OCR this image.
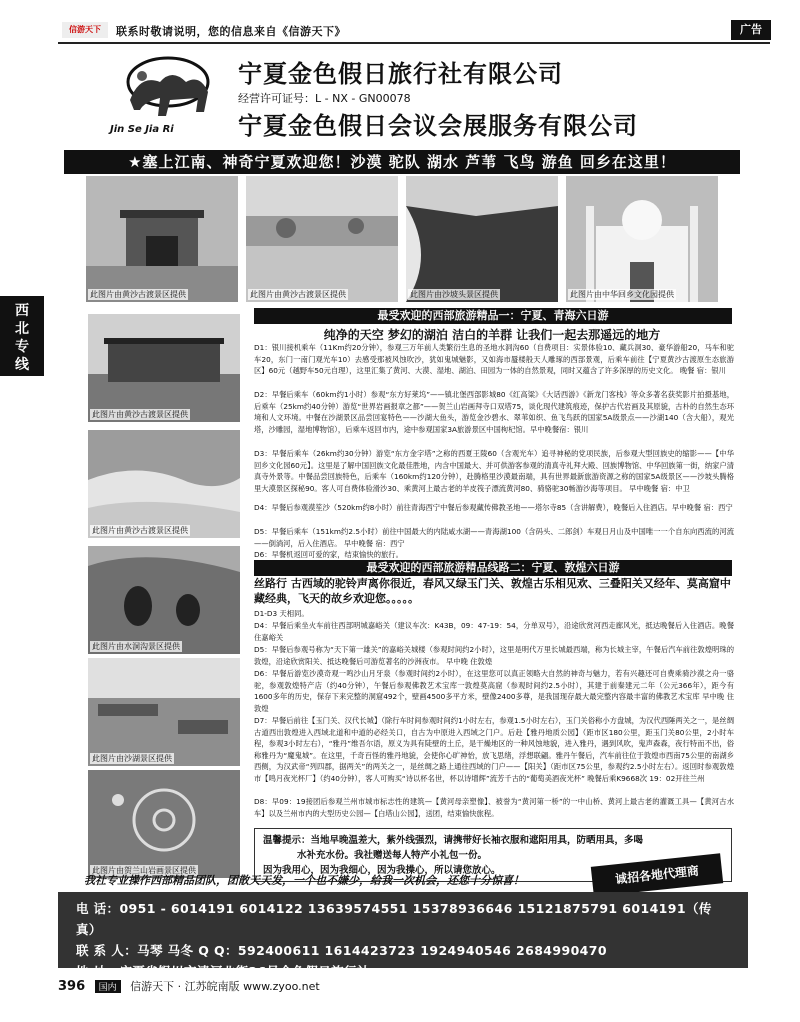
信游天下	联系时敬请说明，您的信息来自《信游天下》	广告
西
北
专
线
Jin Se Jia Ri
宁夏金色假日旅行社有限公司
经营许可证号：L - NX - GN00078
宁夏金色假日会议会展服务有限公司
★塞上江南、神奇宁夏欢迎您！沙漠 驼队 湖水 芦苇 飞鸟 游鱼 回乡在这里！
此图片由黄沙古渡景区提供	此图片由黄沙古渡景区提供	此图片由沙坡头景区提供	此图片由中华回乡文化园提供
此图片由黄沙古渡景区提供
此图片由黄沙古渡景区提供
此图片由水洞沟景区提供
此图片由沙湖景区提供
此图片由贺兰山岩画景区提供
最受欢迎的西部旅游精品一：宁夏、青海六日游
纯净的天空 梦幻的湖泊 洁白的羊群 让我们一起去那遥远的地方
D1：银川接机乘车（11Km约20分钟），参观三万年前人类繁衍生息的圣地水洞沟60（自费项目：实景体验10、藏兵洞30、豪华游船20，马车和驼车20，东门一南门观光车10）去感受那被风蚀吹沙，犹如鬼城魅影，又如海市蜃楼般天人雕琢的西部景观，后乘车前往【宁夏黄沙古渡原生态旅游区】60元（越野车50元自理），这里汇集了黄河、大漠、湿地、湖泊、田园为一体的自然景观，同时又蕴含了许多深厚的历史文化。 晚餐 宿：银川
D2：早餐后乘车（60km约1小时）参观“东方好莱坞”——镇北堡西部影城80《红高粱》《大话西游》《新龙门客栈》等众多著名获奖影片拍摄基地，后乘车（25km约40分钟）游览“世界岩画报章之都”——贺兰山岩画拜寺口双塔75，谈化现代建筑痕迹，保护古代岩画及其原貌，古朴的自然生态环境和人文环境。中餐在沙湖景区品尝回宴特色——沙湖大鱼头，游览金沙碧水、翠苇如织、鱼飞鸟跃的国家5A级景点——沙湖140（含大船），观光塔，沙雕园，湿地博物馆），后乘车返回市内，途中参观国家3A旅游景区中国枸杞馆。早中晚餐宿：银川
D3：早餐后乘车（26km约30分钟）游览“东方金字塔”之称的西夏王陵60（含观光车）追寻神秘的党项民族，后参观大型回族史的缩影——【中华回乡文化园60元】。这里是了解中国回族文化最佳胜地，内含中国最大、并可供游客参观的清真寺礼拜大殿、回族博物馆、中华回族第一街，纳家户清真寺外景等。中餐品尝回族特色，后乘车（160km约120分钟），赴腾格里沙漠最南端，具有世界最新旅游资源之称的国家5A级景区——沙坡头腾格里大漠景区探秘90。客人可自费体验滑沙30、乘黄河上最古老的羊皮筏子漂流黄河80、骑骆驼30畅游沙海等项目。 早中晚餐 宿：中卫
D4：早餐后参观漠笙沙（520km约8小时）前往青海西宁中餐后参观藏传佛教圣地——塔尔寺85（含讲解费），晚餐后入住酒店。早中晚餐 宿：西宁
D5：早餐后乘车（151km约2.5小时）前往中国最大的内陆咸水湖——青海湖100（含码头、二郎剑）车观日月山及中国唯一一个自东向西流的河流——倒淌河，后入住酒店。 早中晚餐 宿：西宁
D6：早餐机返回可爱的家，结束愉快的旅行。
最受欢迎的西部旅游精品线路二：宁夏、敦煌六日游
丝路行 古西域的驼铃声离你很近，春风又绿玉门关、敦煌古乐相见欢、三叠阳关又经年、莫高窟中藏经典，飞天的故乡欢迎您。。。。。
D1-D3 天相同。
D4：早餐后乘坐火车前往西部明城嘉峪关（建议车次：K43B，09：47-19：54，分单双号），沿途欣赏河西走廊风光，抵达晚餐后入住酒店。晚餐 住嘉峪关
D5：早餐后参观号称为“天下第一雄关”的嘉峪关城楼（参观时间约2小时），这里是明代万里长城最西端，称为长城主宰，午餐后汽车前往敦煌明珠的敦煌，沿途欣赏阳关、抵达晚餐后可游览著名的沙洲夜市。 早中晚 住敦煌
D6：早餐后游览沙漠奇观一鸣沙山月牙泉（参观时间约2小时），在这里您可以真正领略大自然的神奇与魅力，若有兴趣还可自费乘骑沙漠之舟一骆驼，参观敦煌特产店（约40分钟），午餐后参观佛教艺术宝库一敦煌莫高窟（参观时间约2.5小时），其建于前秦建元二年（公元366年），距今有1600多年的历史，保存下来完整的洞窟492个，壁画4500多平方米，壁像2400多尊，是我国现存最大最完整内容最丰富的佛教艺术宝库 早中晚 住敦煌
D7：早餐后前往【玉门关、汉代长城】（除行车时间参观时间约1小时左右，参观1.5小时左右），玉门关俗称小方盘城，为汉代西陲两关之一，是丝绸古道西出敦煌进入西域北道和中道的必经关口，自古为中原进入西域之门户。后赴【雅丹地质公园】（距市区180公里，距玉门关80公里，2小时车程，参观3小时左右），“雅丹”维吾尔语，原义为具有陡壁的土丘，是干燥地区的一种风蚀地貌，进入雅丹，遇到风吹，鬼声森森，夜行特而不出，俗称雅丹为“魔鬼城”。在这里，千奇百怪的雅丹地貌，会使你心旷神怡，放飞思绪，浮想联翩。雅丹午餐后，汽车前往位于敦煌市西南75公里的南湖乡西侧，为汉武帝“列四郡，据两关”的两关之一，是丝绸之路上通往西域的门户——【阳关】（距市区75公里，参观约2.5小时左右）。返回时参观敦煌市【鸣月夜光杯厂】（约40分钟），客人可购买“诗以杯名世，杯以诗增辉”流芳千古的“葡萄美酒夜光杯” 晚餐后乘K9668次 19：02开往兰州
D8：早09：19接团后参观兰州市城市标志性的建筑—【黄河母亲塑像】、被誉为“黄河第一桥”的一中山桥、黄河上最古老的灌溉工具—【黄河古水车】以及兰州市内的大型历史公园—【白塔山公园】，送团，结束愉快旅程。
温馨提示：当地早晚温差大，紫外线强烈，请携带好长袖衣服和遮阳用具，防晒用具，多喝
水补充水份。我社赠送每人特产小礼包一份。
因为我用心，因为我细心，因为我操心，所以请您放心。
我社专业操作西部精品团队，团散天天发，一个也不嫌少，给我一次机会，还您十分惊喜！	诚招各地代理商
电 话：0951 - 6014191 6014122 13639574551 15378936646 15121875791 6014191（传真）
联 系 人：马琴 马冬 Q Q：592400611 1614423723 1924940546 2684990470
地 址：宁夏省银川市清河北街26号金色假日旅行社
396 国内 信游天下 · 江苏皖南版 www.zyoo.net
